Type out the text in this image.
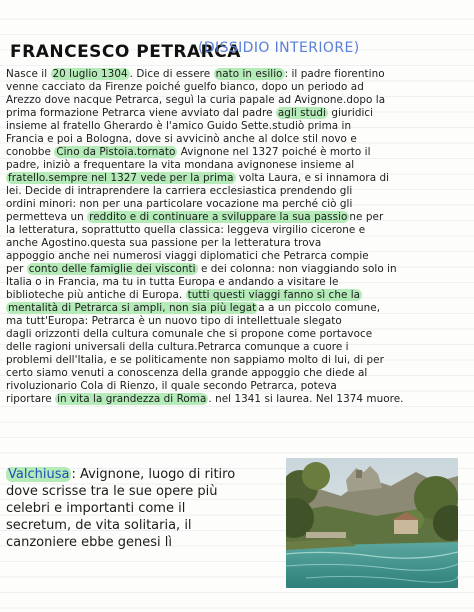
FRANCESCO PETRARCA
(DISSIDIO INTERIORE)
Nasce il 20 luglio 1304 . Dice di essere nato in esilio : il padre fiorentino
venne cacciato da Firenze poiché guelfo bianco, dopo un periodo ad
Arezzo dove nacque Petrarca, seguì la curia papale ad Avignone.dopo la
prima formazione Petrarca viene avviato dal padre agli studi giuridici
insieme al fratello Gherardo è l'amico Guido Sette.studiò prima in
Francia e poi a Bologna, dove si avvicinò anche al dolce stil novo e
conobbe Cino da Pistoia.tornato Avignone nel 1327 poiché è morto il
padre, iniziò a frequentare la vita mondana avignonese insieme al
fratello.sempre nel 1327 vede per la prima volta Laura, e si innamora di
lei. Decide di intraprendere la carriera ecclesiastica prendendo gli
ordini minori: non per una particolare vocazione ma perché ciò gli
permetteva un reddito e di continuare a sviluppare la sua passio ne per
la letteratura, soprattutto quella classica: leggeva virgilio cicerone e
anche Agostino.questa sua passione per la letteratura trova
appoggio anche nei numerosi viaggi diplomatici che Petrarca compie
per conto delle famiglie dei visconti e dei colonna: non viaggiando solo in
Italia o in Francia, ma tu in tutta Europa e andando a visitare le
biblioteche più antiche di Europa. tutti questi viaggi fanno sì che la
mentalità di Petrarca si ampli, non sia più legat a a un piccolo comune,
ma tutt'Europa: Petrarca è un nuovo tipo di intellettuale slegato
dagli orizzonti della cultura comunale che si propone come portavoce
delle ragioni universali della cultura.Petrarca comunque a cuore i
problemi dell'Italia, e se politicamente non sappiamo molto di lui, di per
certo siamo venuti a conoscenza della grande appoggio che diede al
rivoluzionario Cola di Rienzo, il quale secondo Petrarca, poteva
riportare in vita la grandezza di Roma . nel 1341 si laurea. Nel 1374 muore.
Valchiusa : Avignone, luogo di ritiro
dove scrisse tra le sue opere più
celebri e importanti come il
secretum, de vita solitaria, il
canzoniere ebbe genesi lì
